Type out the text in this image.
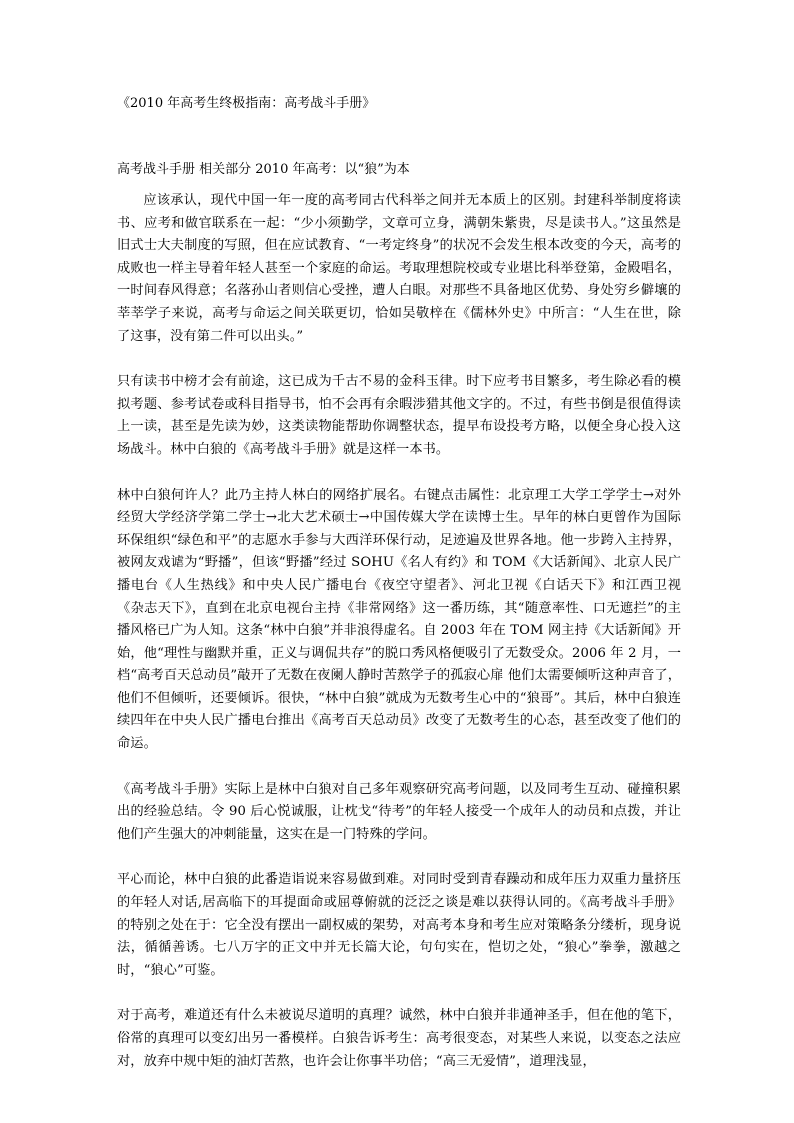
《2010 年高考生终极指南：高考战斗手册》

高考战斗手册 相关部分 2010 年高考：以“狼”为本

应该承认，现代中国一年一度的高考同古代科举之间并无本质上的区别。封建科举制度将读书、应考和做官联系在一起：“少小须勤学，文章可立身，满朝朱紫贵，尽是读书人。”这虽然是旧式士大夫制度的写照，但在应试教育、“一考定终身”的状况不会发生根本改变的今天，高考的成败也一样主导着年轻人甚至一个家庭的命运。考取理想院校或专业堪比科举登第，金殿唱名，一时间春风得意；名落孙山者则信心受挫，遭人白眼。对那些不具备地区优势、身处穷乡僻壤的莘莘学子来说，高考与命运之间关联更切，恰如吴敬梓在《儒林外史》中所言：“人生在世，除了这事，没有第二件可以出头。”

只有读书中榜才会有前途，这已成为千古不易的金科玉律。时下应考书目繁多，考生除必看的模拟考题、参考试卷或科目指导书，怕不会再有余暇涉猎其他文字的。不过，有些书倒是很值得读上一读，甚至是先读为妙，这类读物能帮助你调整状态，提早布设投考方略，以便全身心投入这场战斗。林中白狼的《高考战斗手册》就是这样一本书。

林中白狼何许人？此乃主持人林白的网络扩展名。右键点击属性：北京理工大学工学学士→对外经贸大学经济学第二学士→北大艺术硕士→中国传媒大学在读博士生。早年的林白更曾作为国际环保组织“绿色和平”的志愿水手参与大西洋环保行动，足迹遍及世界各地。他一步跨入主持界，被网友戏谑为“野播”，但该“野播”经过 SOHU《名人有约》和 TOM《大话新闻》、北京人民广播电台《人生热线》和中央人民广播电台《夜空守望者》、河北卫视《白话天下》和江西卫视《杂志天下》，直到在北京电视台主持《非常网络》这一番历练，其“随意率性、口无遮拦”的主播风格已广为人知。这条“林中白狼”并非浪得虚名。自 2003 年在 TOM 网主持《大话新闻》开始，他“理性与幽默并重，正义与调侃共存”的脱口秀风格便吸引了无数受众。2006 年 2 月，一档“高考百天总动员”敲开了无数在夜阑人静时苦熬学子的孤寂心扉 他们太需要倾听这种声音了，他们不但倾听，还要倾诉。很快，“林中白狼”就成为无数考生心中的“狼哥”。其后，林中白狼连续四年在中央人民广播电台推出《高考百天总动员》改变了无数考生的心态，甚至改变了他们的命运。

《高考战斗手册》实际上是林中白狼对自己多年观察研究高考问题，以及同考生互动、碰撞积累出的经验总结。令 90 后心悦诚服，让枕戈“待考”的年轻人接受一个成年人的动员和点拨，并让他们产生强大的冲刺能量，这实在是一门特殊的学问。

平心而论，林中白狼的此番造诣说来容易做到难。对同时受到青春躁动和成年压力双重力量挤压的年轻人对话,居高临下的耳提面命或屈尊俯就的泛泛之谈是难以获得认同的。《高考战斗手册》的特别之处在于：它全没有摆出一副权威的架势，对高考本身和考生应对策略条分缕析，现身说法，循循善诱。七八万字的正文中并无长篇大论，句句实在，恺切之处，“狼心”拳拳，激越之时，“狼心”可鉴。

对于高考，难道还有什么未被说尽道明的真理？诚然，林中白狼并非通神圣手，但在他的笔下，俗常的真理可以变幻出另一番模样。白狼告诉考生：高考很变态，对某些人来说，以变态之法应对，放弃中规中矩的油灯苦熬，也许会让你事半功倍；“高三无爱情”，道理浅显，
